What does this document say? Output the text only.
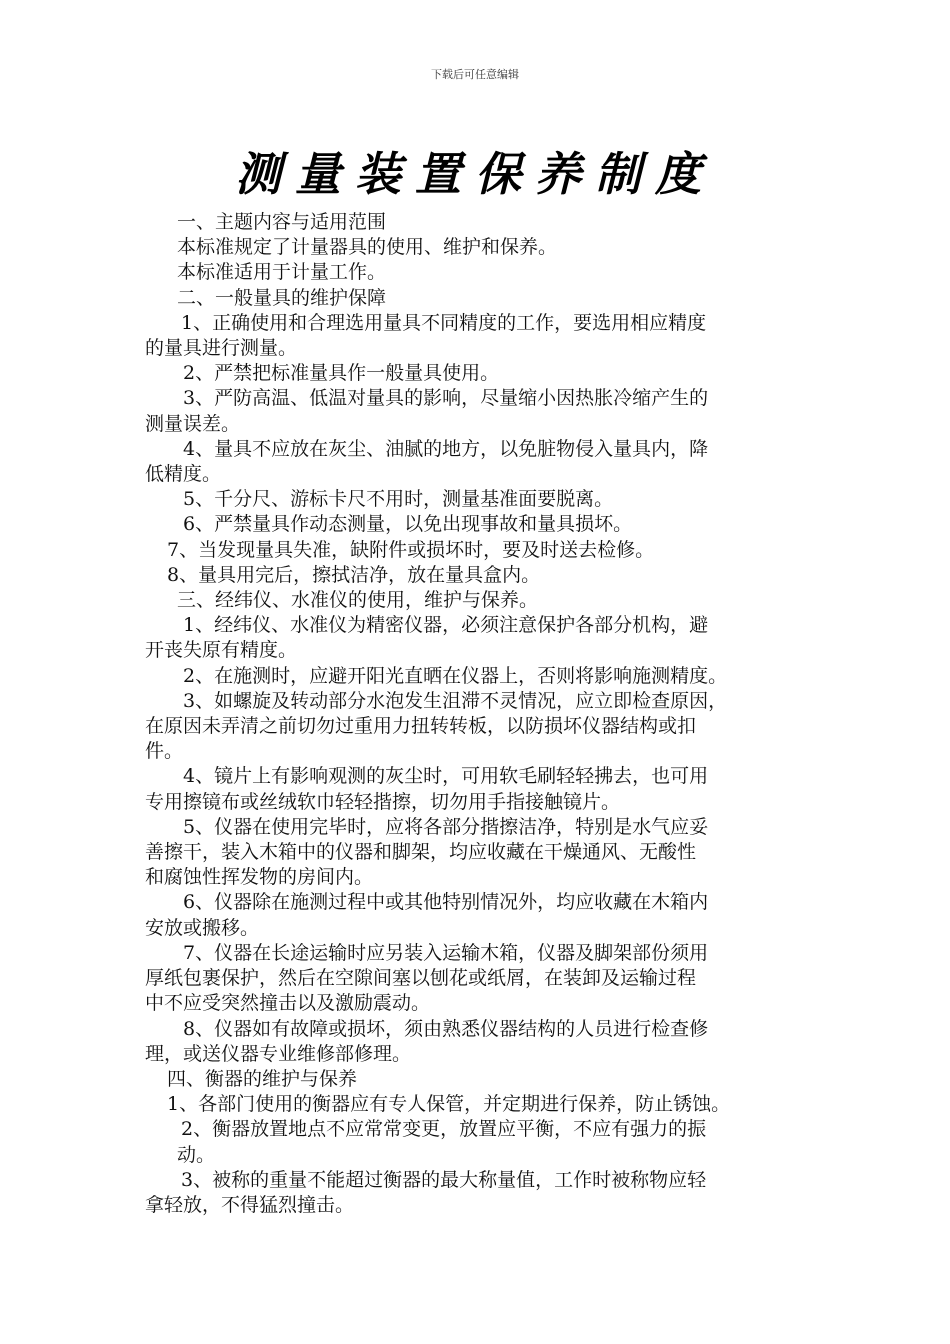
下载后可任意编辑
测量装置保养制度
一、主题内容与适用范围
本标准规定了计量器具的使用、维护和保养。
本标准适用于计量工作。
二、一般量具的维护保障
1、正确使用和合理选用量具不同精度的工作，要选用相应精度
的量具进行测量。
2、严禁把标准量具作一般量具使用。
3、严防高温、低温对量具的影响，尽量缩小因热胀冷缩产生的
测量误差。
4、量具不应放在灰尘、油腻的地方，以免脏物侵入量具内，降
低精度。
5、千分尺、游标卡尺不用时，测量基准面要脱离。
6、严禁量具作动态测量，以免出现事故和量具损坏。
7、当发现量具失准，缺附件或损坏时，要及时送去检修。
8、量具用完后，擦拭洁净，放在量具盒内。
三、经纬仪、水准仪的使用，维护与保养。
1、经纬仪、水准仪为精密仪器，必须注意保护各部分机构，避
开丧失原有精度。
2、在施测时，应避开阳光直晒在仪器上，否则将影响施测精度。
3、如螺旋及转动部分水泡发生沮滞不灵情况，应立即检查原因，
在原因未弄清之前切勿过重用力扭转转板，以防损坏仪器结构或扣
件。
4、镜片上有影响观测的灰尘时，可用软毛刷轻轻拂去，也可用
专用擦镜布或丝绒软巾轻轻揩擦，切勿用手指接触镜片。
5、仪器在使用完毕时，应将各部分揩擦洁净，特别是水气应妥
善擦干，装入木箱中的仪器和脚架，均应收藏在干燥通风、无酸性
和腐蚀性挥发物的房间内。
6、仪器除在施测过程中或其他特别情况外，均应收藏在木箱内
安放或搬移。
7、仪器在长途运输时应另装入运输木箱，仪器及脚架部份须用
厚纸包裹保护，然后在空隙间塞以刨花或纸屑，在装卸及运输过程
中不应受突然撞击以及激励震动。
8、仪器如有故障或损坏，须由熟悉仪器结构的人员进行检查修
理，或送仪器专业维修部修理。
四、衡器的维护与保养
1、各部门使用的衡器应有专人保管，并定期进行保养，防止锈蚀。
2、衡器放置地点不应常常变更，放置应平衡，不应有强力的振
动。
3、被称的重量不能超过衡器的最大称量值，工作时被称物应轻
拿轻放，不得猛烈撞击。
